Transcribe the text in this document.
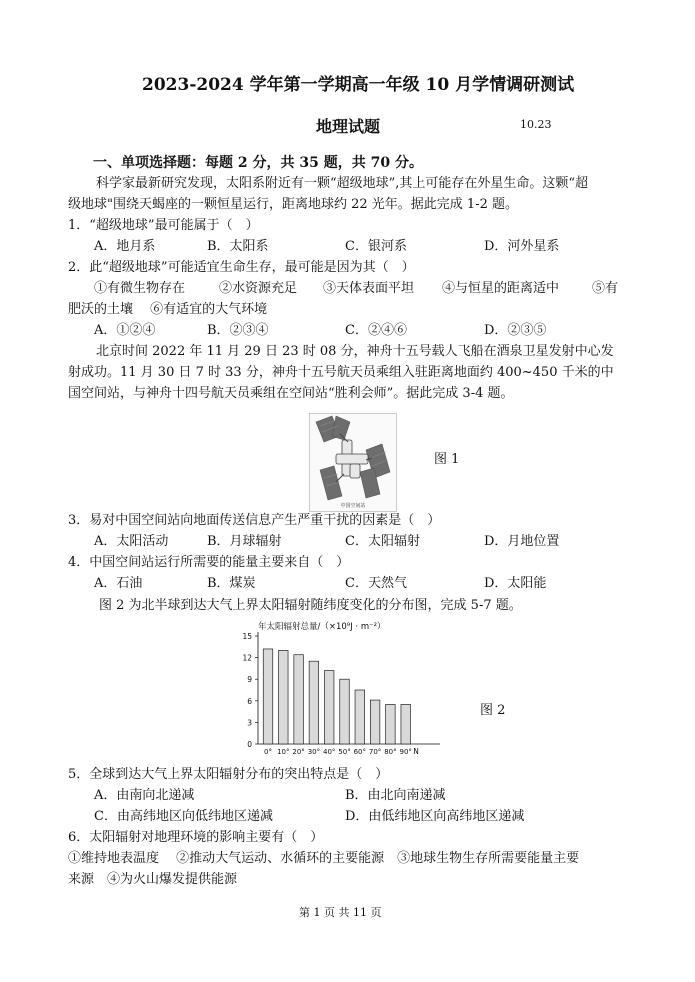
2023-2024 学年第一学期高一年级 10 月学情调研测试
地理试题	10.23
一、单项选择题：每题 2 分，共 35 题，共 70 分。
科学家最新研究发现，太阳系附近有一颗“超级地球”,其上可能存在外星生命。这颗“超
级地球"围绕天蝎座的一颗恒星运行，距离地球约 22 光年。据此完成 1-2 题。
1．“超级地球”最可能属于（　）
A．地月系	B．太阳系	C．银河系	D．河外星系
2．此“超级地球”可能适宜生命生存，最可能是因为其（　）
①有微生物存在	②水资源充足 ③天体表面平坦 ④与恒星的距离适中	⑤有
肥沃的土壤　 ⑥有适宜的大气环境
A．①②④	B．②③④	C．②④⑥	D．②③⑤
北京时间 2022 年 11 月 29 日 23 时 08 分，神舟十五号载人飞船在酒泉卫星发射中心发
射成功。11 月 30 日 7 时 33 分，神舟十五号航天员乘组入驻距离地面约 400~450 千米的中
国空间站，与神舟十四号航天员乘组在空间站“胜利会师”。据此完成 3-4 题。
中国空间站
图 1
3．易对中国空间站向地面传送信息产生严重干扰的因素是（　）
A．太阳活动	B．月球辐射	C．太阳辐射	D．月地位置
4．中国空间站运行所需要的能量主要来自（　）
A．石油	B．煤炭	C．天然气	D．太阳能
图 2 为北半球到达大气上界太阳辐射随纬度变化的分布图，完成 5-7 题。
年太阳辐射总量/（×10⁹J · m⁻²）
0
3
6
9
12
15
0° 10° 20° 30° 40° 50° 60° 70° 80° 90° N
图 2
5．全球到达大气上界太阳辐射分布的突出特点是（　）
A．由南向北递减	B．由北向南递减
C．由高纬地区向低纬地区递减	D．由低纬地区向高纬地区递减
6．太阳辐射对地理环境的影响主要有（　）
①维持地表温度　 ②推动大气运动、水循环的主要能源　③地球生物生存所需要能量主要
来源　④为火山爆发提供能源
第 1 页 共 11 页
